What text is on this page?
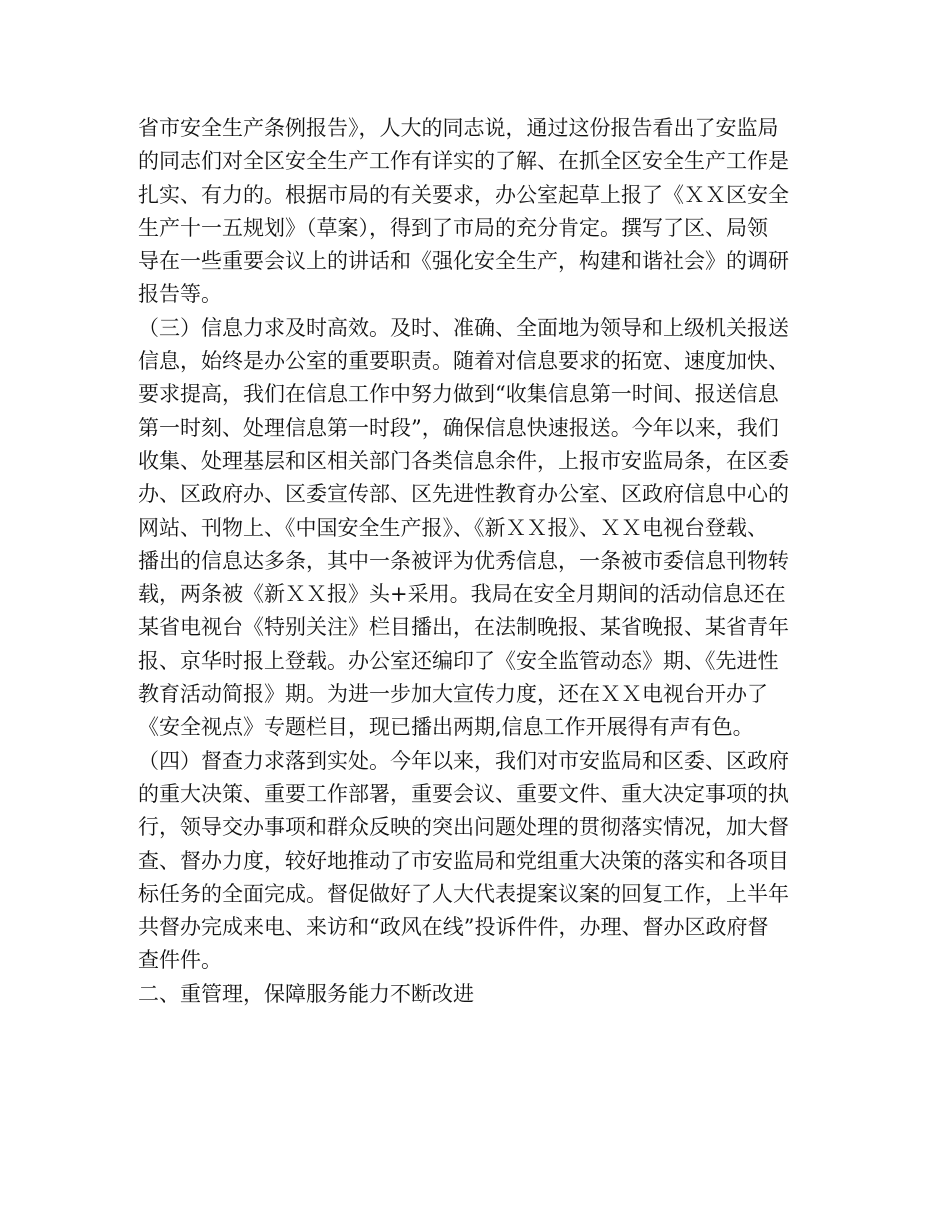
省市安全生产条例报告》，人大的同志说，通过这份报告看出了安监局
的同志们对全区安全生产工作有详实的了解、在抓全区安全生产工作是
扎实、有力的。根据市局的有关要求，办公室起草上报了《ＸＸ区安全
生产十一五规划》（草案），得到了市局的充分肯定。撰写了区、局领
导在一些重要会议上的讲话和《强化安全生产，构建和谐社会》的调研
报告等。
（三）信息力求及时高效。及时、准确、全面地为领导和上级机关报送
信息，始终是办公室的重要职责。随着对信息要求的拓宽、速度加快、
要求提高，我们在信息工作中努力做到“收集信息第一时间、报送信息
第一时刻、处理信息第一时段”，确保信息快速报送。今年以来，我们
收集、处理基层和区相关部门各类信息余件，上报市安监局条，在区委
办、区政府办、区委宣传部、区先进性教育办公室、区政府信息中心的
网站、刊物上、《中国安全生产报》、《新ＸＸ报》、ＸＸ电视台登载、
播出的信息达多条，其中一条被评为优秀信息，一条被市委信息刊物转
载，两条被《新ＸＸ报》头+采用。我局在安全月期间的活动信息还在
某省电视台《特别关注》栏目播出，在法制晚报、某省晚报、某省青年
报、京华时报上登载。办公室还编印了《安全监管动态》期、《先进性
教育活动简报》期。为进一步加大宣传力度，还在ＸＸ电视台开办了
《安全视点》专题栏目，现已播出两期,信息工作开展得有声有色。
（四）督查力求落到实处。今年以来，我们对市安监局和区委、区政府
的重大决策、重要工作部署，重要会议、重要文件、重大决定事项的执
行，领导交办事项和群众反映的突出问题处理的贯彻落实情况，加大督
查、督办力度，较好地推动了市安监局和党组重大决策的落实和各项目
标任务的全面完成。督促做好了人大代表提案议案的回复工作，上半年
共督办完成来电、来访和“政风在线”投诉件件，办理、督办区政府督
查件件。
二、重管理，保障服务能力不断改进
